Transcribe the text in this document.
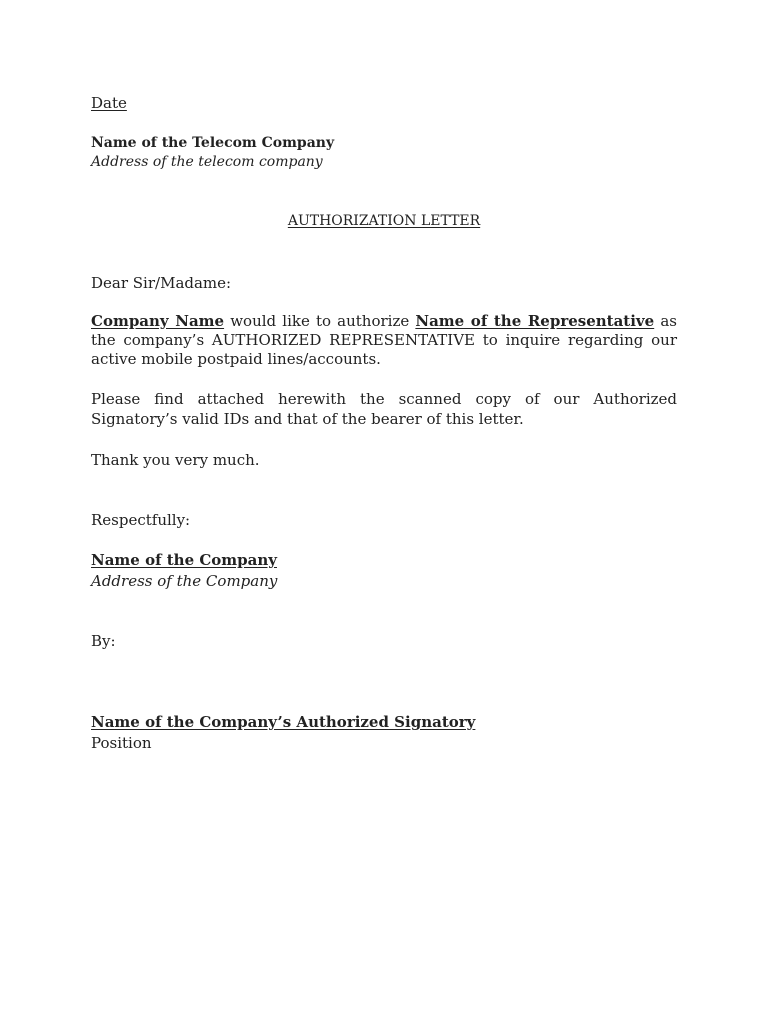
Date
Name of the Telecom Company
Address of the telecom company
AUTHORIZATION LETTER
Dear Sir/Madame:
Company Name would like to authorize Name of the Representative as the company’s AUTHORIZED REPRESENTATIVE to inquire regarding our active mobile postpaid lines/accounts.
Please find attached herewith the scanned copy of our Authorized Signatory’s valid IDs and that of the bearer of this letter.
Thank you very much.
Respectfully:
Name of the Company
Address of the Company
By:
Name of the Company’s Authorized Signatory
Position
